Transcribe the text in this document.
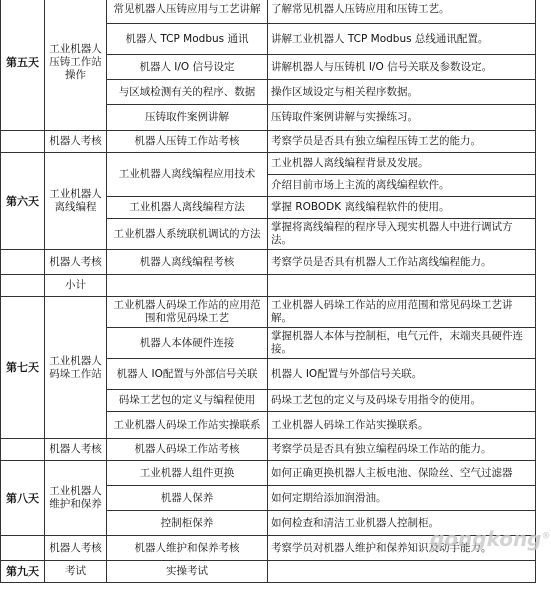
第五天	工业机器人压铸工作站操作	常见机器人压铸应用与工艺讲解	了解常见机器人压铸应用和压铸工艺。
		机器人 TCP Modbus 通讯	讲解工业机器人 TCP Modbus 总线通讯配置。
		机器人 I/O 信号设定	讲解机器人与压铸机 I/O 信号关联及参数设定。
		与区域检测有关的程序、数据	操作区域设定与相关程序数据。
		压铸取件案例讲解	压铸取件案例讲解与实操练习。
	机器人考核	机器人压铸工作站考核	考察学员是否具有独立编程压铸工艺的能力。
第六天	工业机器人离线编程	工业机器人离线编程应用技术	工业机器人离线编程背景及发展。
			介绍目前市场上主流的离线编程软件。
		工业机器人离线编程方法	掌握 ROBODK 离线编程软件的使用。
		工业机器人系统联机调试的方法	掌握将离线编程的程序导入现实机器人中进行调试方法。
	机器人考核	机器人离线编程考核	考察学员是否具有机器人工作站离线编程能力。
	小计		
第七天	工业机器人码垛工作站	工业机器人码垛工作站的应用范围和常见码垛工艺	工业机器人码垛工作站的应用范围和常见码垛工艺讲解。
		机器人本体硬件连接	掌握机器人本体与控制柜，电气元件，末端夹具硬件连接。
		机器人 IO配置与外部信号关联	机器人 IO配置与外部信号关联。
		码垛工艺包的定义与编程使用	码垛工艺包的定义与及码垛专用指令的使用。
		工业机器人码垛工作站实操联系	工业机器人码垛工作站实操联系。
	机器人考核	机器人码垛工作站考核	考察学员是否具有独立编程码垛工作站的能力。
第八天	工业机器人维护和保养	工业机器人组件更换	如何正确更换机器人主板电池、保险丝、空气过滤器
		机器人保养	如何定期给添加润滑油。
		控制柜保养	如何检查和清洁工业机器人控制柜。
	机器人考核	机器人维护和保养考核	考察学员对机器人维护和保养知识及动手能力。
第九天	考试	实操考试	
gongkong®
